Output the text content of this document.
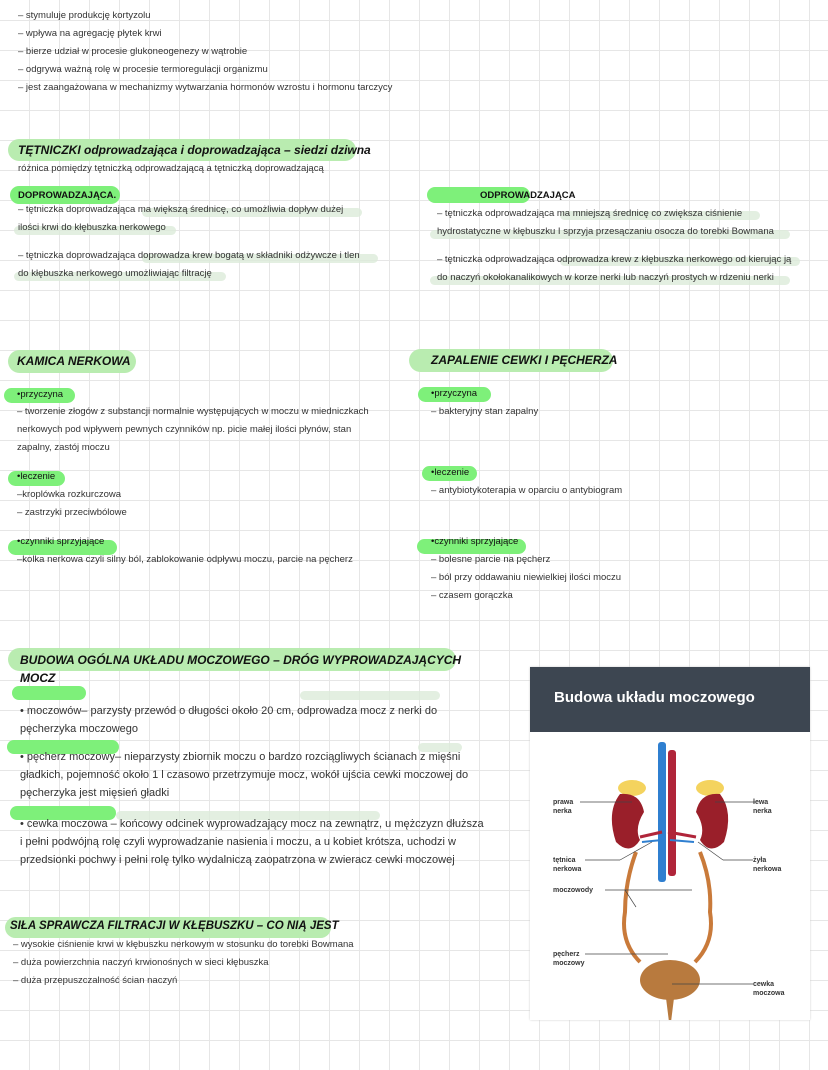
– stymuluje produkcję kortyzolu
– wpływa na agregację płytek krwi
– bierze udział w procesie glukoneogenezy w wątrobie
– odgrywa ważną rolę w procesie termoregulacji organizmu
– jest zaangażowana w mechanizmy wytwarzania hormonów wzrostu i hormonu tarczycy
TĘTNICZKI odprowadzająca i doprowadzająca – siedzi dziwna
różnica pomiędzy tętniczką odprowadzającą a tętniczką doprowadzającą
DOPROWADZAJĄCA.
– tętniczka doprowadzająca ma większą średnicę, co umożliwia dopływ dużej
ilości krwi do kłębuszka nerkowego
– tętniczka doprowadzająca doprowadza krew bogatą w składniki odżywcze i tlen
do kłębuszka nerkowego umożliwiając filtrację
ODPROWADZAJĄCA
– tętniczka odprowadzająca ma mniejszą średnicę co zwiększa ciśnienie
hydrostatyczne w kłębuszku I sprzyja przesączaniu osocza do torebki Bowmana
– tętniczka odprowadzająca odprowadza krew z kłębuszka nerkowego od kierując ją
do naczyń okołokanalikowych w korze nerki lub naczyń prostych w rdzeniu nerki
KAMICA NERKOWA
•przyczyna
– tworzenie złogów z substancji normalnie występujących w moczu w miedniczkach
nerkowych pod wpływem pewnych czynników np. picie małej ilości płynów, stan
zapalny, zastój moczu
•leczenie
–kroplówka rozkurczowa
– zastrzyki przeciwbólowe
•czynniki sprzyjające
–kolka nerkowa czyli silny ból, zablokowanie odpływu moczu, parcie na pęcherz
ZAPALENIE CEWKI I PĘCHERZA
•przyczyna
– bakteryjny stan zapalny
•leczenie
– antybiotykoterapia w oparciu o antybiogram
•czynniki sprzyjające
– bolesne parcie na pęcherz
– ból przy oddawaniu niewielkiej ilości moczu
– czasem gorączka
BUDOWA OGÓLNA UKŁADU MOCZOWEGO – DRÓG WYPROWADZAJĄCYCH
MOCZ
• moczowów– parzysty przewód o długości około 20 cm, odprowadza mocz z nerki do
pęcherzyka moczowego
• pęcherz moczowy– nieparzysty zbiornik moczu o bardzo rozciągliwych ścianach z mięśni
gładkich, pojemność około 1 l czasowo przetrzymuje mocz, wokół ujścia cewki moczowej do
pęcherzyka jest mięsień gładki
• cewka moczowa – końcowy odcinek wyprowadzający mocz na zewnątrz, u mężczyzn dłuższa
i pełni podwójną rolę czyli wyprowadzanie nasienia i moczu, a u kobiet krótsza, uchodzi w
przedsionki pochwy i pełni rolę tylko wydalniczą zaopatrzona w zwieracz cewki moczowej
SIŁA SPRAWCZA FILTRACJI W KŁĘBUSZKU – CO NIĄ JEST
– wysokie ciśnienie krwi w kłębuszku nerkowym w stosunku do torebki Bowmana
– duża powierzchnia naczyń krwionośnych w sieci kłębuszka
– duża przepuszczalność ścian naczyń
Budowa układu moczowego
prawa
nerka
lewa
nerka
tętnica
nerkowa
żyła
nerkowa
moczowody
pęcherz
moczowy
cewka
moczowa
